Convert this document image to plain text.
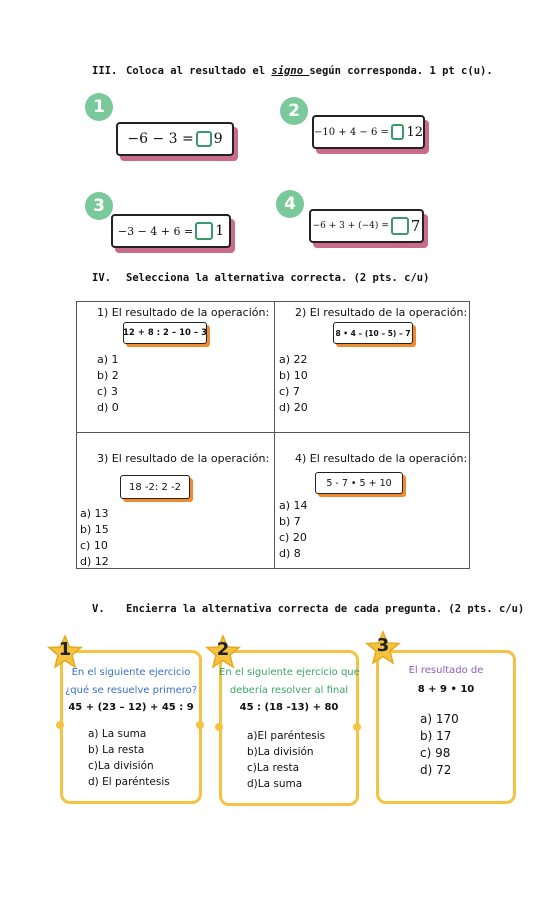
III. Coloca al resultado el signo según corresponda. 1 pt c(u).
1
−6 − 3 = 9
2
−10 + 4 − 6 = 12
3
−3 − 4 + 6 = 1
4
−6 + 3 + (−4) = 7
IV. Selecciona la alternativa correcta. (2 pts. c/u)
1) El resultado de la operación:
12 + 8 : 2 – 10 – 3
a) 1
b) 2
c) 3
d) 0
2) El resultado de la operación:
8 • 4 – (10 – 5) – 7
a) 22
b) 10
c) 7
d) 20
3) El resultado de la operación:
18 -2: 2 -2
a) 13
b) 15
c) 10
d) 12
4) El resultado de la operación:
5 - 7 • 5 + 10
a) 14
b) 7
c) 20
d) 8
V. Encierra la alternativa correcta de cada pregunta. (2 pts. c/u)
1
En el siguiente ejercicio
¿qué se resuelve primero?
45 + (23 – 12) + 45 : 9
a) La suma
b) La resta
c)La división
d) El paréntesis
2
En el siguiente ejercicio que
debería resolver al final
45 : (18 -13) + 80
a)El paréntesis
b)La división
c)La resta
d)La suma
3
El resultado de
8 + 9 • 10
a) 170
b) 17
c) 98
d) 72
